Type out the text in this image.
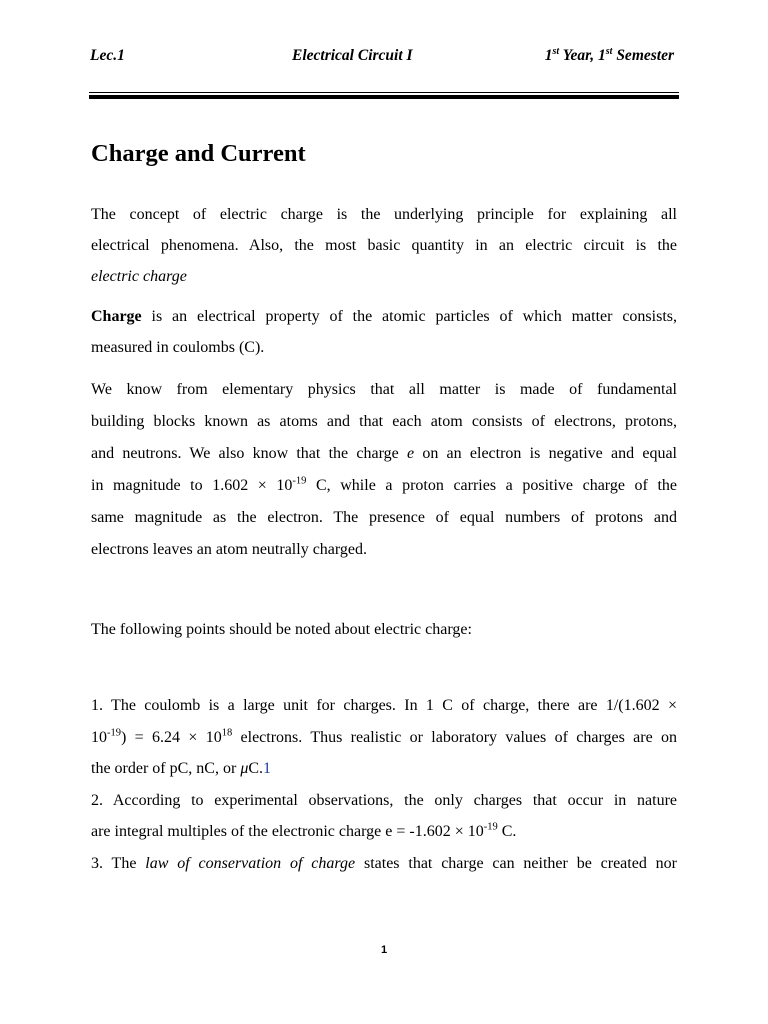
Lec.1	Electrical Circuit I	1st Year, 1st Semester
Charge and Current
The concept of electric charge is the underlying principle for explaining all
electrical phenomena. Also, the most basic quantity in an electric circuit is the
electric charge
Charge is an electrical property of the atomic particles of which matter consists,
measured in coulombs (C).
We know from elementary physics that all matter is made of fundamental
building blocks known as atoms and that each atom consists of electrons, protons,
and neutrons. We also know that the charge e on an electron is negative and equal
in magnitude to $1.602 \times 10^{-19}$ C, while a proton carries a positive charge of the
same magnitude as the electron. The presence of equal numbers of protons and
electrons leaves an atom neutrally charged.
The following points should be noted about electric charge:
1. The coulomb is a large unit for charges. In 1 C of charge, there are 1/(1.602 ×
$10^{-19}) = 6.24 \times 10^{18}$ electrons. Thus realistic or laboratory values of charges are on
the order of pC, nC, or μC.1
2. According to experimental observations, the only charges that occur in nature
are integral multiples of the electronic charge $e = -1.602 \times 10^{-19}$ C.
3. The law of conservation of charge states that charge can neither be created nor
1
